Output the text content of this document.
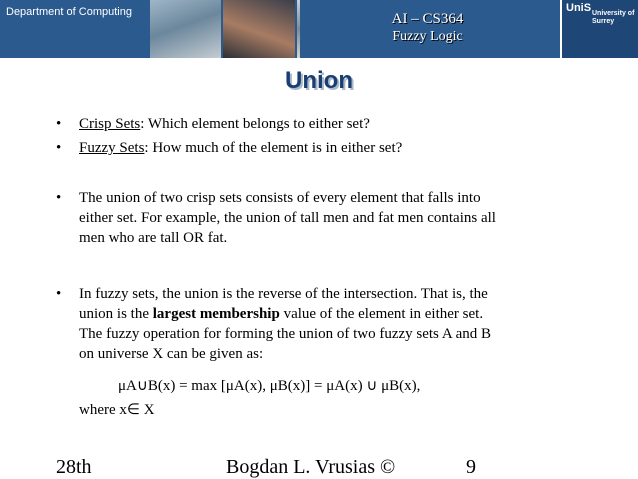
Department of Computing	AI – CS364
Fuzzy Logic
UniS University of Surrey
Union
• Crisp Sets: Which element belongs to either set?
• Fuzzy Sets: How much of the element is in either set?
• The union of two crisp sets consists of every element that falls into
either set. For example, the union of tall men and fat men contains all
men who are tall OR fat.
• In fuzzy sets, the union is the reverse of the intersection. That is, the
union is the largest membership value of the element in either set.
The fuzzy operation for forming the union of two fuzzy sets A and B
on universe X can be given as:
μA∪B(x) = max [μA(x), μB(x)] = μA(x) ∪ μB(x),
where x∈ X
28th	Bogdan L. Vrusias ©	9
